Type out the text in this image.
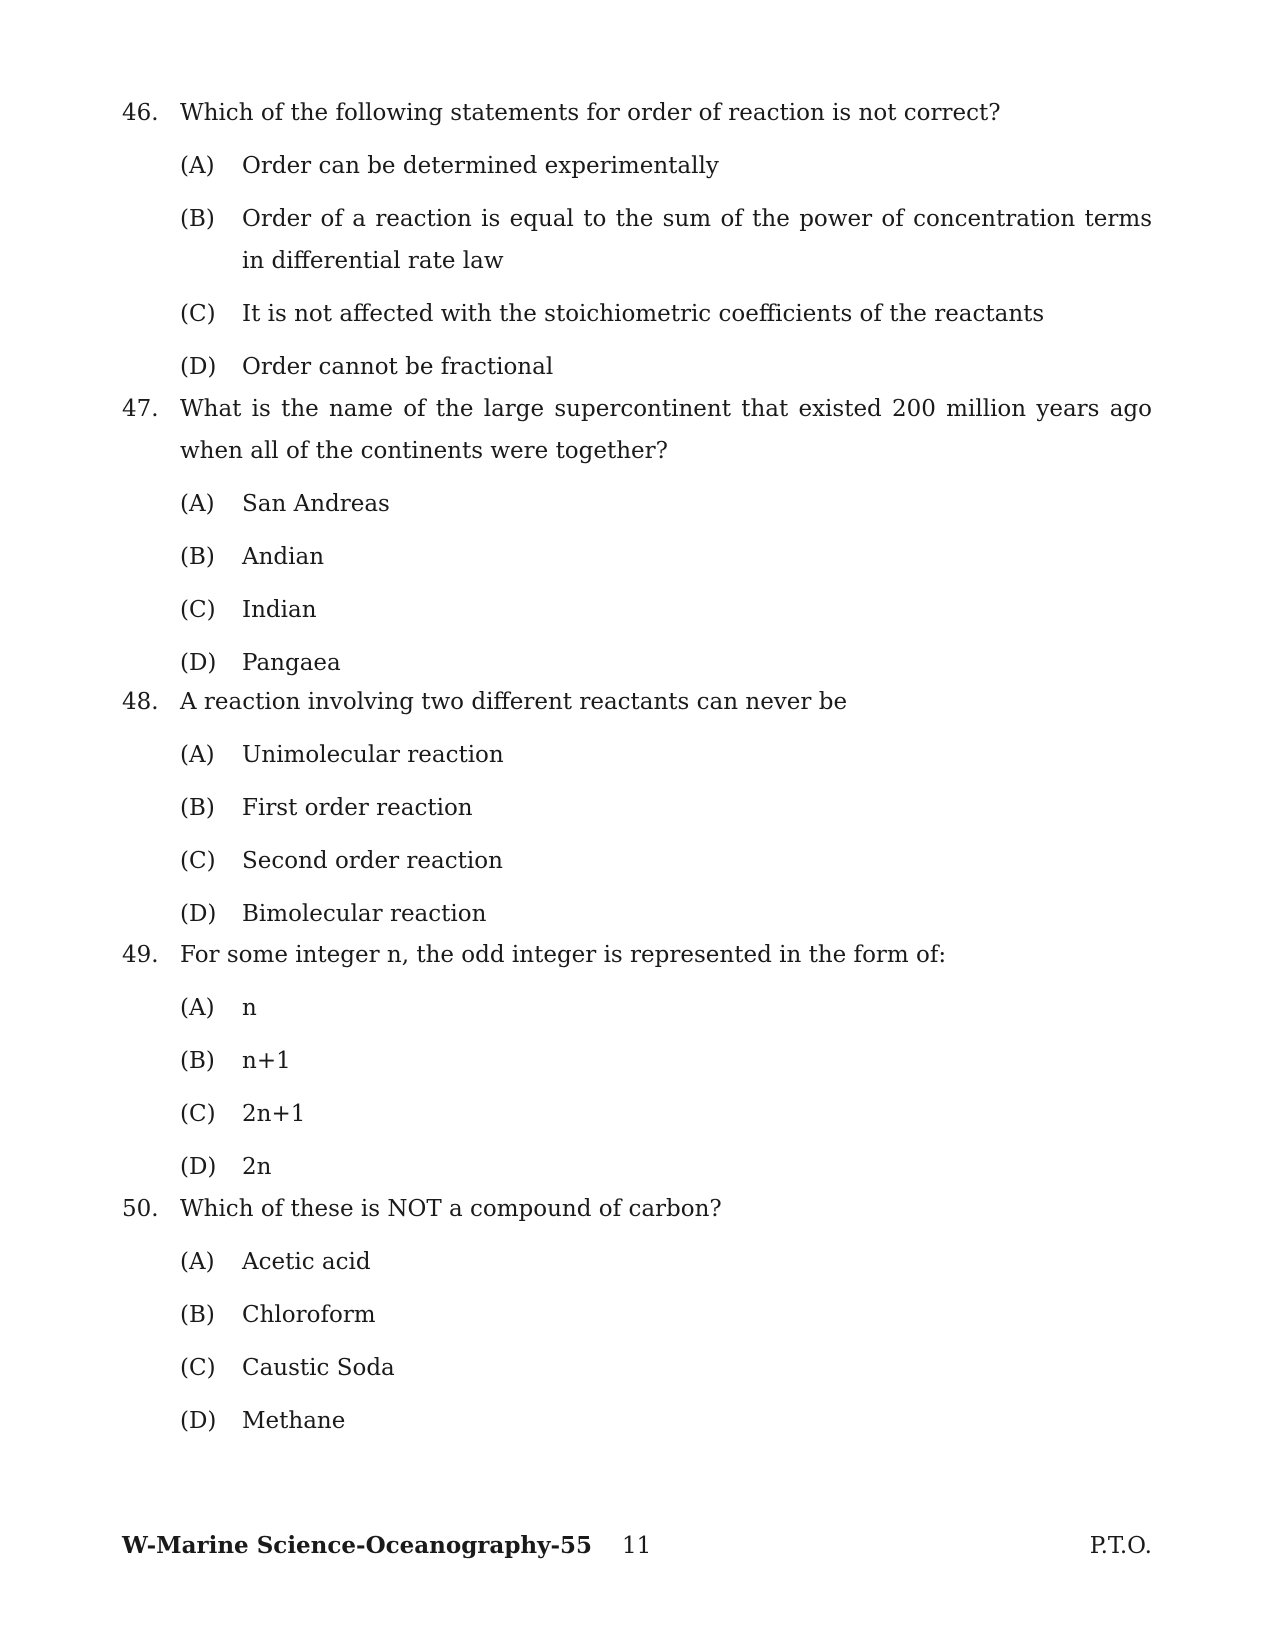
46. Which of the following statements for order of reaction is not correct?
(A)	Order can be determined experimentally
(B)	Order of a reaction is equal to the sum of the power of concentration terms in differential rate law
(C)	It is not affected with the stoichiometric coefficients of the reactants
(D)	Order cannot be fractional
47. What is the name of the large supercontinent that existed 200 million years ago when all of the continents were together?
(A)	San Andreas
(B)	Andian
(C)	Indian
(D)	Pangaea
48. A reaction involving two different reactants can never be
(A)	Unimolecular reaction
(B)	First order reaction
(C)	Second order reaction
(D)	Bimolecular reaction
49. For some integer n, the odd integer is represented in the form of:
(A)	n
(B)	n+1
(C)	2n+1
(D)	2n
50. Which of these is NOT a compound of carbon?
(A)	Acetic acid
(B)	Chloroform
(C)	Caustic Soda
(D)	Methane
W-Marine Science-Oceanography-55 11	P.T.O.
